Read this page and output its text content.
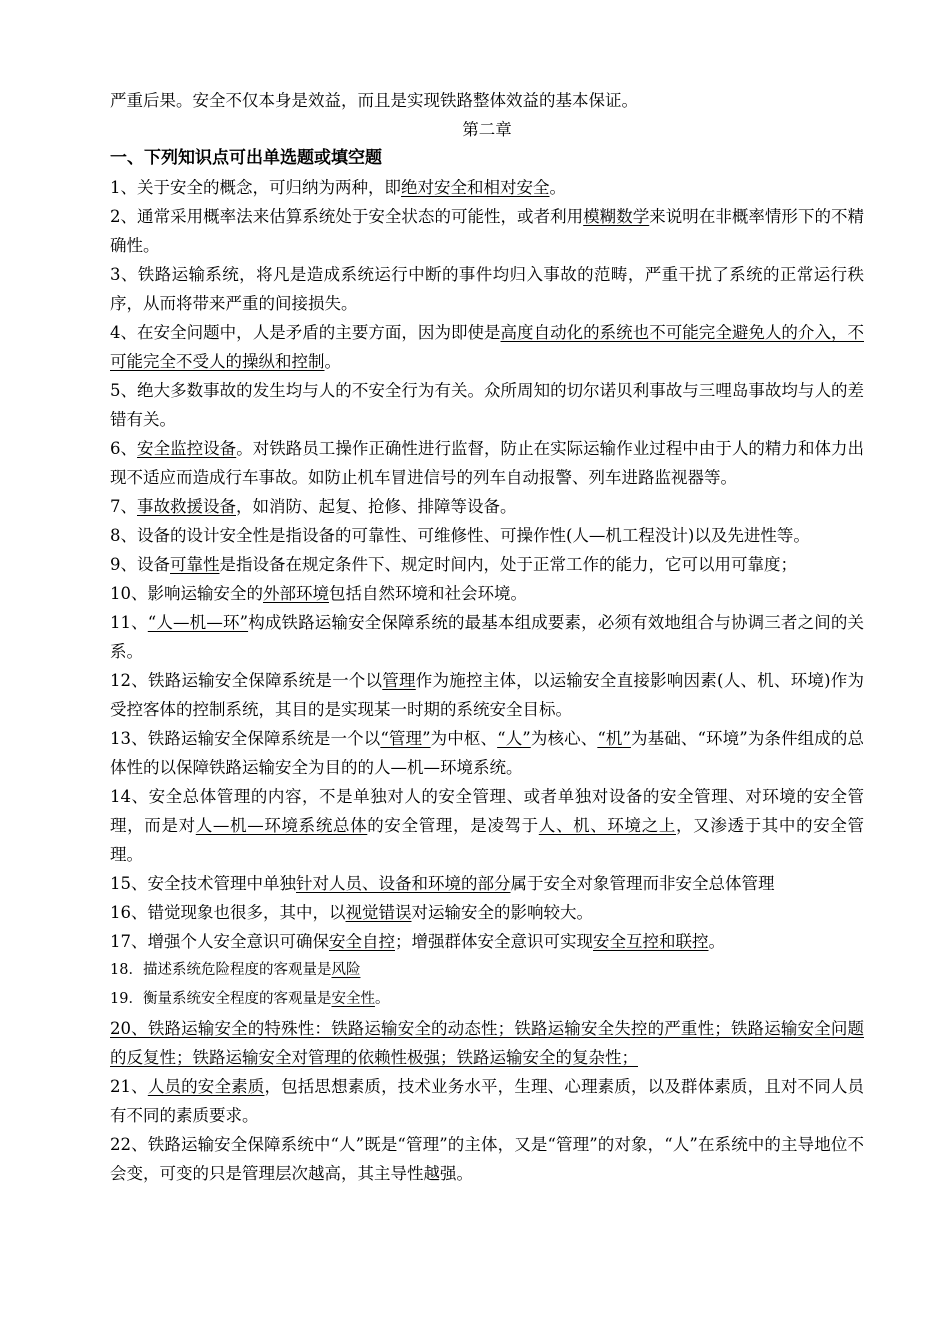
严重后果。安全不仅本身是效益，而且是实现铁路整体效益的基本保证。

第二章

一、下列知识点可出单选题或填空题

1、关于安全的概念，可归纳为两种，即绝对安全和相对安全。

2、通常采用概率法来估算系统处于安全状态的可能性，或者利用模糊数学来说明在非概率情形下的不精确性。

3、铁路运输系统，将凡是造成系统运行中断的事件均归入事故的范畴，严重干扰了系统的正常运行秩序，从而将带来严重的间接损失。

4、在安全问题中，人是矛盾的主要方面，因为即使是高度自动化的系统也不可能完全避免人的介入，不可能完全不受人的操纵和控制。

5、绝大多数事故的发生均与人的不安全行为有关。众所周知的切尔诺贝利事故与三哩岛事故均与人的差错有关。

6、安全监控设备。对铁路员工操作正确性进行监督，防止在实际运输作业过程中由于人的精力和体力出现不适应而造成行车事故。如防止机车冒进信号的列车自动报警、列车进路监视器等。

7、事故救援设备，如消防、起复、抢修、排障等设备。

8、设备的设计安全性是指设备的可靠性、可维修性、可操作性(人—机工程没计)以及先进性等。

9、设备可靠性是指设备在规定条件下、规定时间内，处于正常工作的能力，它可以用可靠度；

10、影响运输安全的外部环境包括自然环境和社会环境。

11、“人—机—环”构成铁路运输安全保障系统的最基本组成要素，必须有效地组合与协调三者之间的关系。

12、铁路运输安全保障系统是一个以管理作为施控主体，以运输安全直接影响因素(人、机、环境)作为受控客体的控制系统，其目的是实现某一时期的系统安全目标。

13、铁路运输安全保障系统是一个以“管理”为中枢、“人”为核心、“机”为基础、“环境”为条件组成的总体性的以保障铁路运输安全为目的的人—机—环境系统。

14、安全总体管理的内容，不是单独对人的安全管理、或者单独对设备的安全管理、对环境的安全管理，而是对人—机—环境系统总体的安全管理，是凌驾于人、机、环境之上，又渗透于其中的安全管理。

15、安全技术管理中单独针对人员、设备和环境的部分属于安全对象管理而非安全总体管理

16、错觉现象也很多，其中，以视觉错误对运输安全的影响较大。

17、增强个人安全意识可确保安全自控；增强群体安全意识可实现安全互控和联控。

18．描述系统危险程度的客观量是风险

19．衡量系统安全程度的客观量是安全性。

20、铁路运输安全的特殊性：铁路运输安全的动态性；铁路运输安全失控的严重性；铁路运输安全问题的反复性；铁路运输安全对管理的依赖性极强；铁路运输安全的复杂性；

21、人员的安全素质，包括思想素质，技术业务水平，生理、心理素质，以及群体素质，且对不同人员有不同的素质要求。

22、铁路运输安全保障系统中“人”既是“管理”的主体，又是“管理”的对象，“人”在系统中的主导地位不会变，可变的只是管理层次越高，其主导性越强。
